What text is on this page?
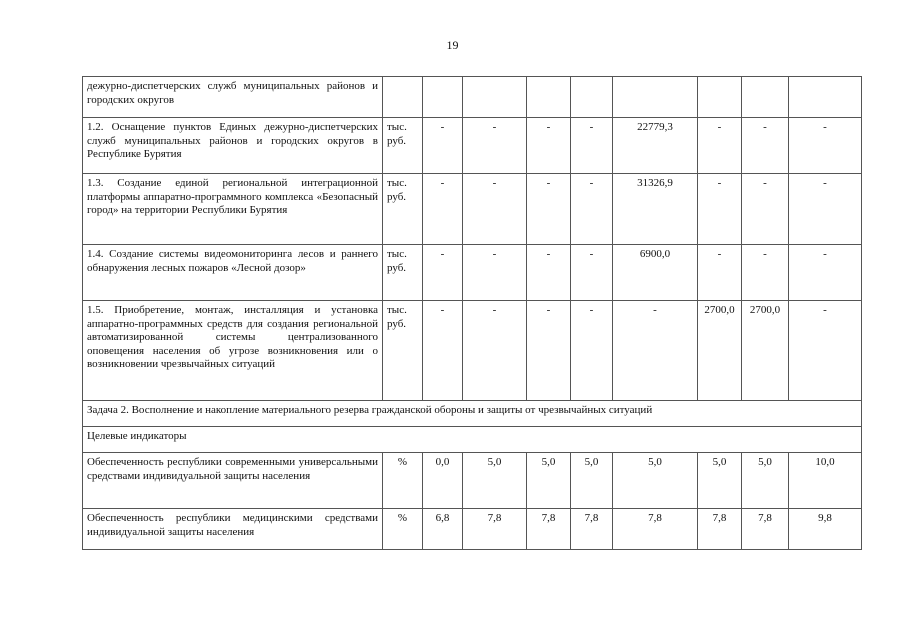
19
дежурно-диспетчерских служб муниципальных районов и городских округов									
1.2. Оснащение пунктов Единых дежурно-диспетчерских служб муниципальных районов и городских округов в Республике Бурятия	тыс. руб.	-	-	-	-	22779,3	-	-	-
1.3. Создание единой региональной интеграционной платформы аппаратно-программного комплекса «Безопасный город» на территории Республики Бурятия	тыс. руб.	-	-	-	-	31326,9	-	-	-
1.4. Создание системы видеомониторинга лесов и раннего обнаружения лесных пожаров «Лесной дозор»	тыс. руб.	-	-	-	-	6900,0	-	-	-
1.5. Приобретение, монтаж, инсталляция и установка аппаратно-программных средств для создания региональной автоматизированной системы централизованного оповещения населения об угрозе возникновения или о возникновении чрезвычайных ситуаций	тыс. руб.	-	-	-	-	-	2700,0	2700,0	-
Задача 2. Восполнение и накопление материального резерва гражданской обороны и защиты от чрезвычайных ситуаций									
Целевые индикаторы									
Обеспеченность республики современными универсальными средствами индивидуальной защиты населения	%	0,0	5,0	5,0	5,0	5,0	5,0	5,0	10,0
Обеспеченность республики медицинскими средствами индивидуальной защиты населения	%	6,8	7,8	7,8	7,8	7,8	7,8	7,8	9,8
